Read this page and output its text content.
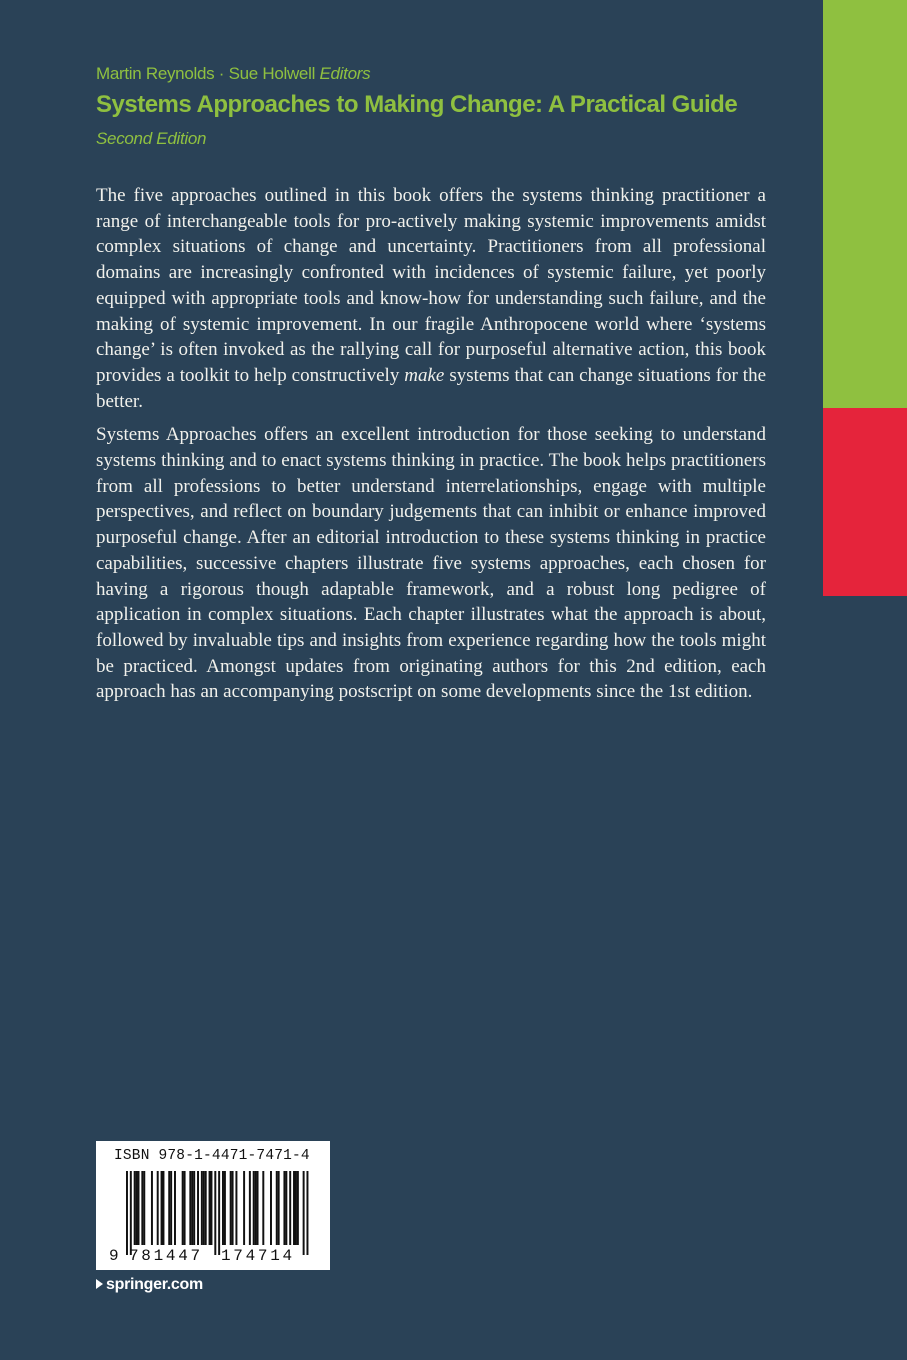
Martin Reynolds · Sue Holwell Editors
Systems Approaches to Making Change: A Practical Guide
Second Edition

The five approaches outlined in this book offers the systems thinking practitioner a range of interchangeable tools for pro-actively making systemic improvements amidst complex situations of change and uncertainty. Practitioners from all professional domains are increasingly confronted with incidences of systemic failure, yet poorly equipped with appropriate tools and know-how for understanding such failure, and the making of systemic improvement. In our fragile Anthropocene world where ‘systems change’ is often invoked as the rallying call for purposeful alternative action, this book provides a toolkit to help constructively make systems that can change situations for the better.

Systems Approaches offers an excellent introduction for those seeking to understand systems thinking and to enact systems thinking in practice. The book helps practitioners from all professions to better understand interrelationships, engage with multiple perspectives, and reflect on boundary judgements that can inhibit or enhance improved purposeful change. After an editorial introduction to these systems thinking in practice capabilities, successive chapters illustrate five systems approaches, each chosen for having a rigorous though adaptable framework, and a robust long pedigree of application in complex situations. Each chapter illustrates what the approach is about, followed by invaluable tips and insights from experience regarding how the tools might be practiced. Amongst updates from originating authors for this 2nd edition, each approach has an accompanying postscript on some developments since the 1st edition.

ISBN 978-1-4471-7471-4
9 781447 174714
springer.com
